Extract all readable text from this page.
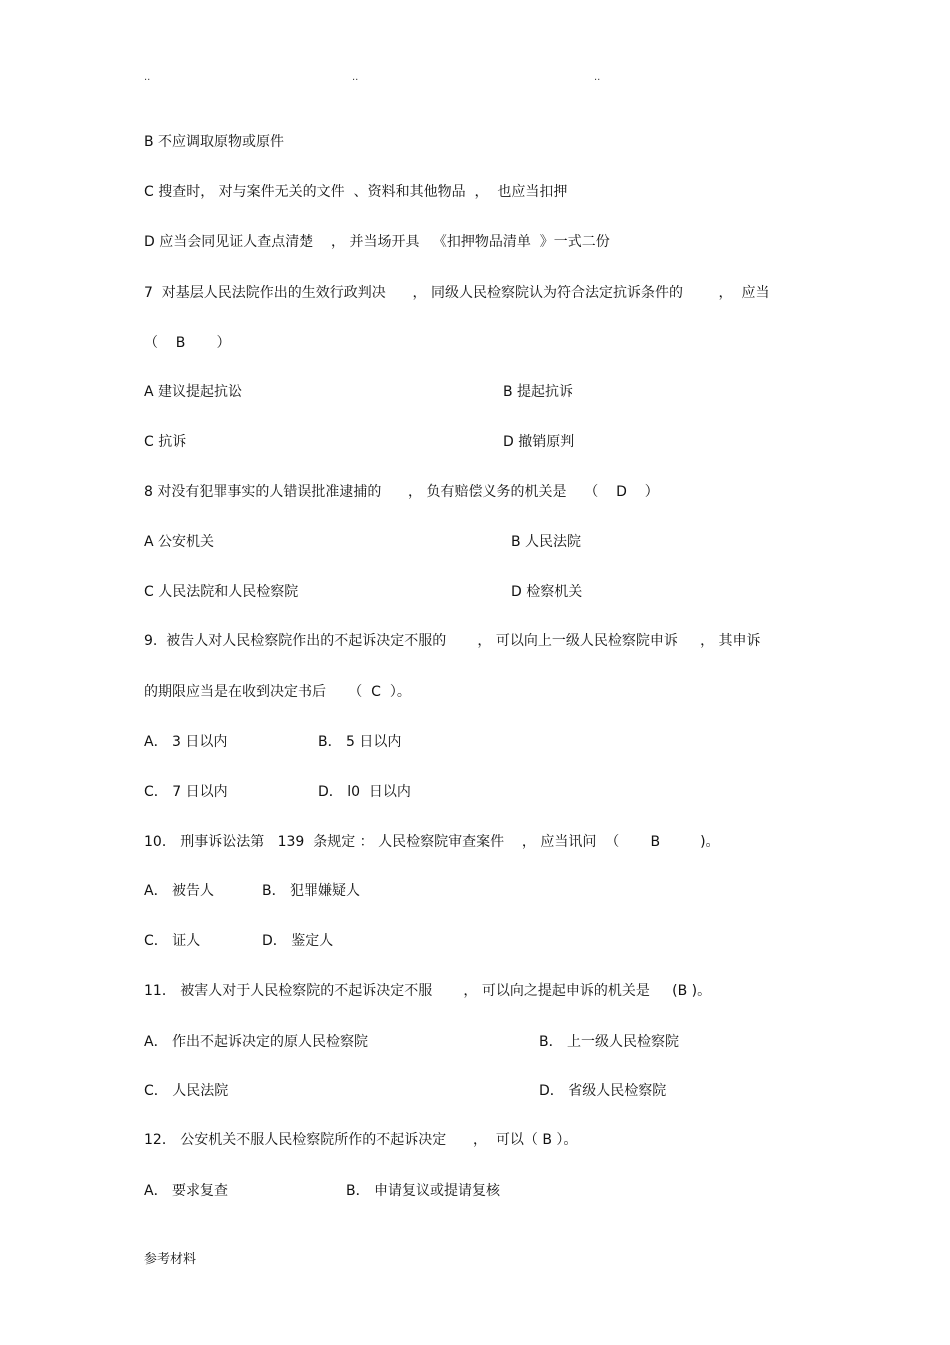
..	..	..
B 不应调取原物或原件
C 搜查时， 对与案件无关的文件  、资料和其他物品  ，  也应当扣押
D 应当会同见证人查点清楚    ， 并当场开具   《扣押物品清单  》一式二份
7  对基层人民法院作出的生效行政判决      ， 同级人民检察院认为符合法定抗诉条件的        ，  应当
（    B       ）
A 建议提起抗讼	B 提起抗诉
C 抗诉	D 撤销原判
8 对没有犯罪事实的人错误批准逮捕的      ， 负有赔偿义务的机关是    （    D    ）
A 公安机关	B 人民法院
C 人民法院和人民检察院	D 检察机关
9.  被告人对人民检察院作出的不起诉决定不服的       ， 可以向上一级人民检察院申诉     ， 其申诉
的期限应当是在收到决定书后     （  C  ）。
A． 3 日以内	B． 5 日以内
C． 7 日以内	D． l0  日以内
10． 刑事诉讼法第   139  条规定 ： 人民检察院审查案件    ， 应当讯问  （       B         )。
A． 被告人	B． 犯罪嫌疑人
C． 证人	D． 鉴定人
11． 被害人对于人民检察院的不起诉决定不服       ， 可以向之提起申诉的机关是     (B )。
A． 作出不起诉决定的原人民检察院	B． 上一级人民检察院
C． 人民法院	D． 省级人民检察院
12． 公安机关不服人民检察院所作的不起诉决定      ，  可以（ B ）。
A． 要求复查	B． 申请复议或提请复核
参考材料
